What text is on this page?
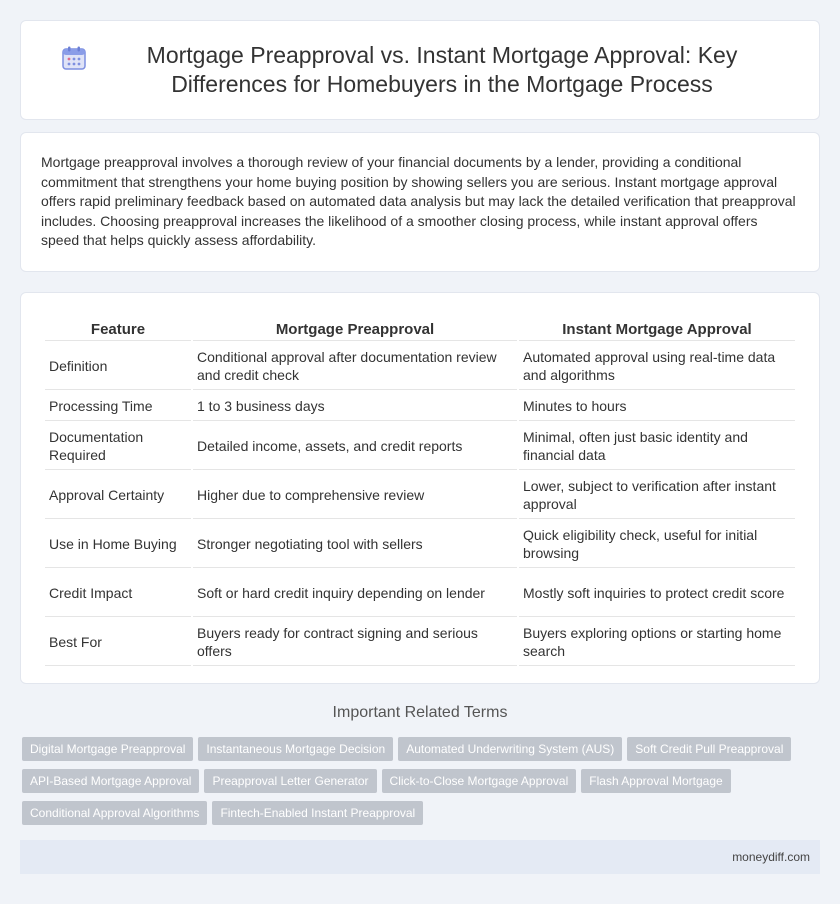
Mortgage Preapproval vs. Instant Mortgage Approval: Key Differences for Homebuyers in the Mortgage Process

Mortgage preapproval involves a thorough review of your financial documents by a lender, providing a conditional commitment that strengthens your home buying position by showing sellers you are serious. Instant mortgage approval offers rapid preliminary feedback based on automated data analysis but may lack the detailed verification that preapproval includes. Choosing preapproval increases the likelihood of a smoother closing process, while instant approval offers speed that helps quickly assess affordability.

Feature	Mortgage Preapproval	Instant Mortgage Approval
Definition	Conditional approval after documentation review and credit check	Automated approval using real-time data and algorithms
Processing Time	1 to 3 business days	Minutes to hours
Documentation Required	Detailed income, assets, and credit reports	Minimal, often just basic identity and financial data
Approval Certainty	Higher due to comprehensive review	Lower, subject to verification after instant approval
Use in Home Buying	Stronger negotiating tool with sellers	Quick eligibility check, useful for initial browsing
Credit Impact	Soft or hard credit inquiry depending on lender	Mostly soft inquiries to protect credit score
Best For	Buyers ready for contract signing and serious offers	Buyers exploring options or starting home search
Important Related Terms
Digital Mortgage Preapproval Instantaneous Mortgage Decision Automated Underwriting System (AUS) Soft Credit Pull Preapproval
API-Based Mortgage Approval Preapproval Letter Generator Click-to-Close Mortgage Approval Flash Approval Mortgage
Conditional Approval Algorithms Fintech-Enabled Instant Preapproval
moneydiff.com
